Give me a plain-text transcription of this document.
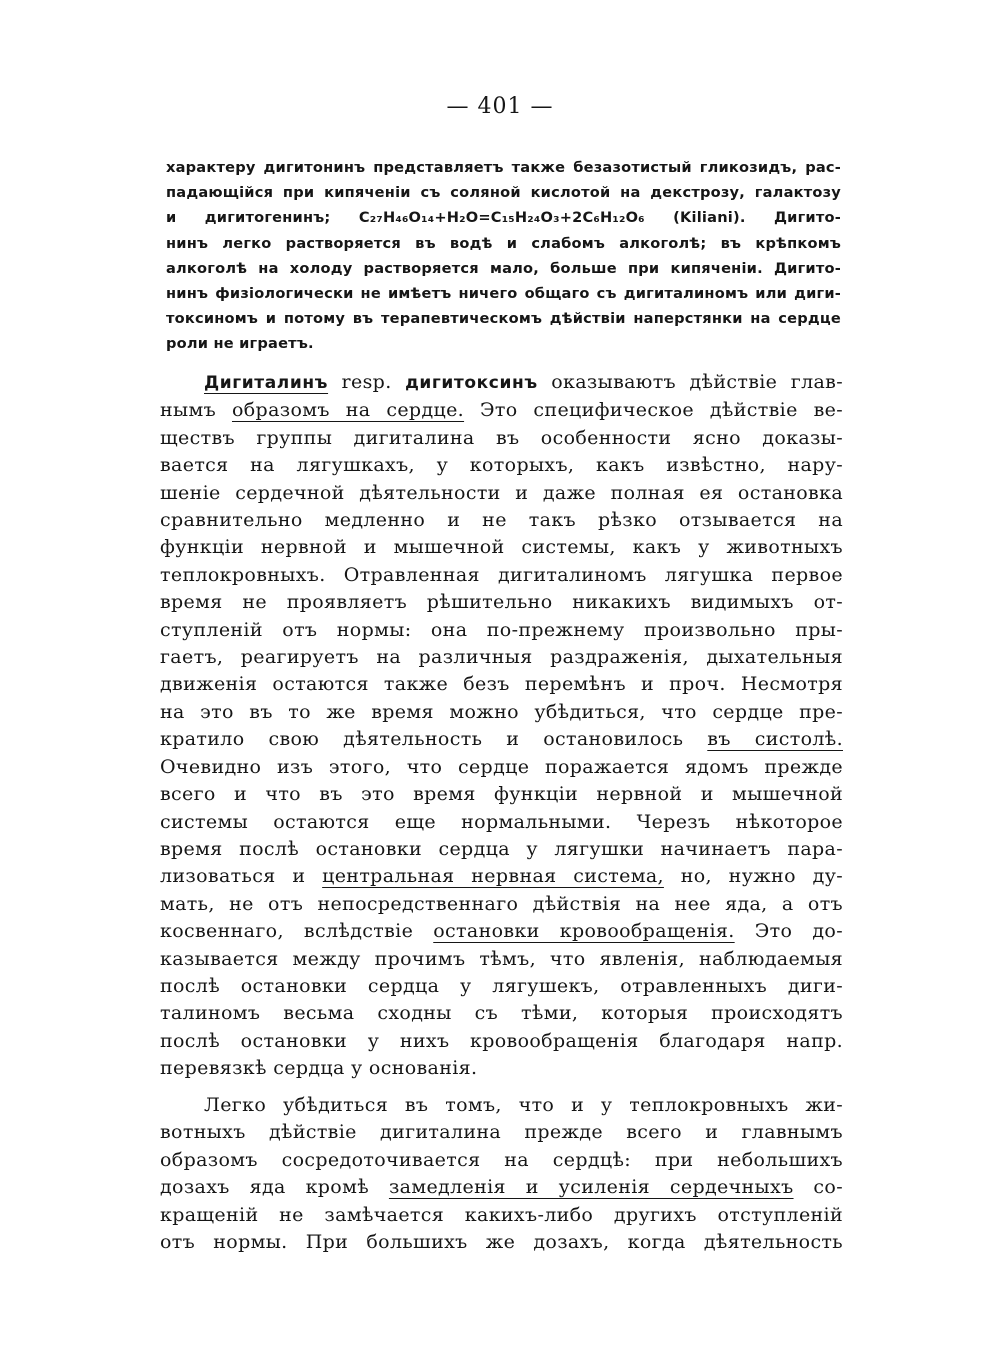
— 401 —
характеру дигитонинъ представляетъ также безазотистый гликозидъ, рас-
падающійся при кипяченіи съ соляной кислотой на декстрозу, галактозу
и дигитогенинъ; C₂₇H₄₆O₁₄+H₂O=C₁₅H₂₄O₃+2C₆H₁₂O₆ (Kiliani). Дигито-
нинъ легко растворяется въ водѣ и слабомъ алкоголѣ; въ крѣпкомъ
алкоголѣ на холоду растворяется мало, больше при кипяченіи. Дигито-
нинъ физіологически не имѣетъ ничего общаго съ дигиталиномъ или диги-
токсиномъ и потому въ терапевтическомъ дѣйствіи наперстянки на сердце
роли не играетъ.
Дигиталинъ resp. дигитоксинъ оказываютъ дѣйствіе глав-
нымъ образомъ на сердце. Это специфическое дѣйствіе ве-
ществъ группы дигиталина въ особенности ясно доказы-
вается на лягушкахъ, у которыхъ, какъ извѣстно, нару-
шеніе сердечной дѣятельности и даже полная ея остановка
сравнительно медленно и не такъ рѣзко отзывается на
функціи нервной и мышечной системы, какъ у животныхъ
теплокровныхъ. Отравленная дигиталиномъ лягушка первое
время не проявляетъ рѣшительно никакихъ видимыхъ от-
ступленій отъ нормы: она по-прежнему произвольно пры-
гаетъ, реагируетъ на различныя раздраженія, дыхательныя
движенія остаются также безъ перемѣнъ и проч. Несмотря
на это въ то же время можно убѣдиться, что сердце пре-
кратило свою дѣятельность и остановилось въ систолѣ.
Очевидно изъ этого, что сердце поражается ядомъ прежде
всего и что въ это время функціи нервной и мышечной
системы остаются еще нормальными. Черезъ нѣкоторое
время послѣ остановки сердца у лягушки начинаетъ пара-
лизоваться и центральная нервная система, но, нужно ду-
мать, не отъ непосредственнаго дѣйствія на нее яда, а отъ
косвеннаго, вслѣдствіе остановки кровообращенія. Это до-
казывается между прочимъ тѣмъ, что явленія, наблюдаемыя
послѣ остановки сердца у лягушекъ, отравленныхъ диги-
талиномъ весьма сходны съ тѣми, которыя происходятъ
послѣ остановки у нихъ кровообращенія благодаря напр.
перевязкѣ сердца у основанія.
Легко убѣдиться въ томъ, что и у теплокровныхъ жи-
вотныхъ дѣйствіе дигиталина прежде всего и главнымъ
образомъ сосредоточивается на сердцѣ: при небольшихъ
дозахъ яда кромѣ замедленія и усиленія сердечныхъ со-
кращеній не замѣчается какихъ-либо другихъ отступленій
отъ нормы. При большихъ же дозахъ, когда дѣятельность
